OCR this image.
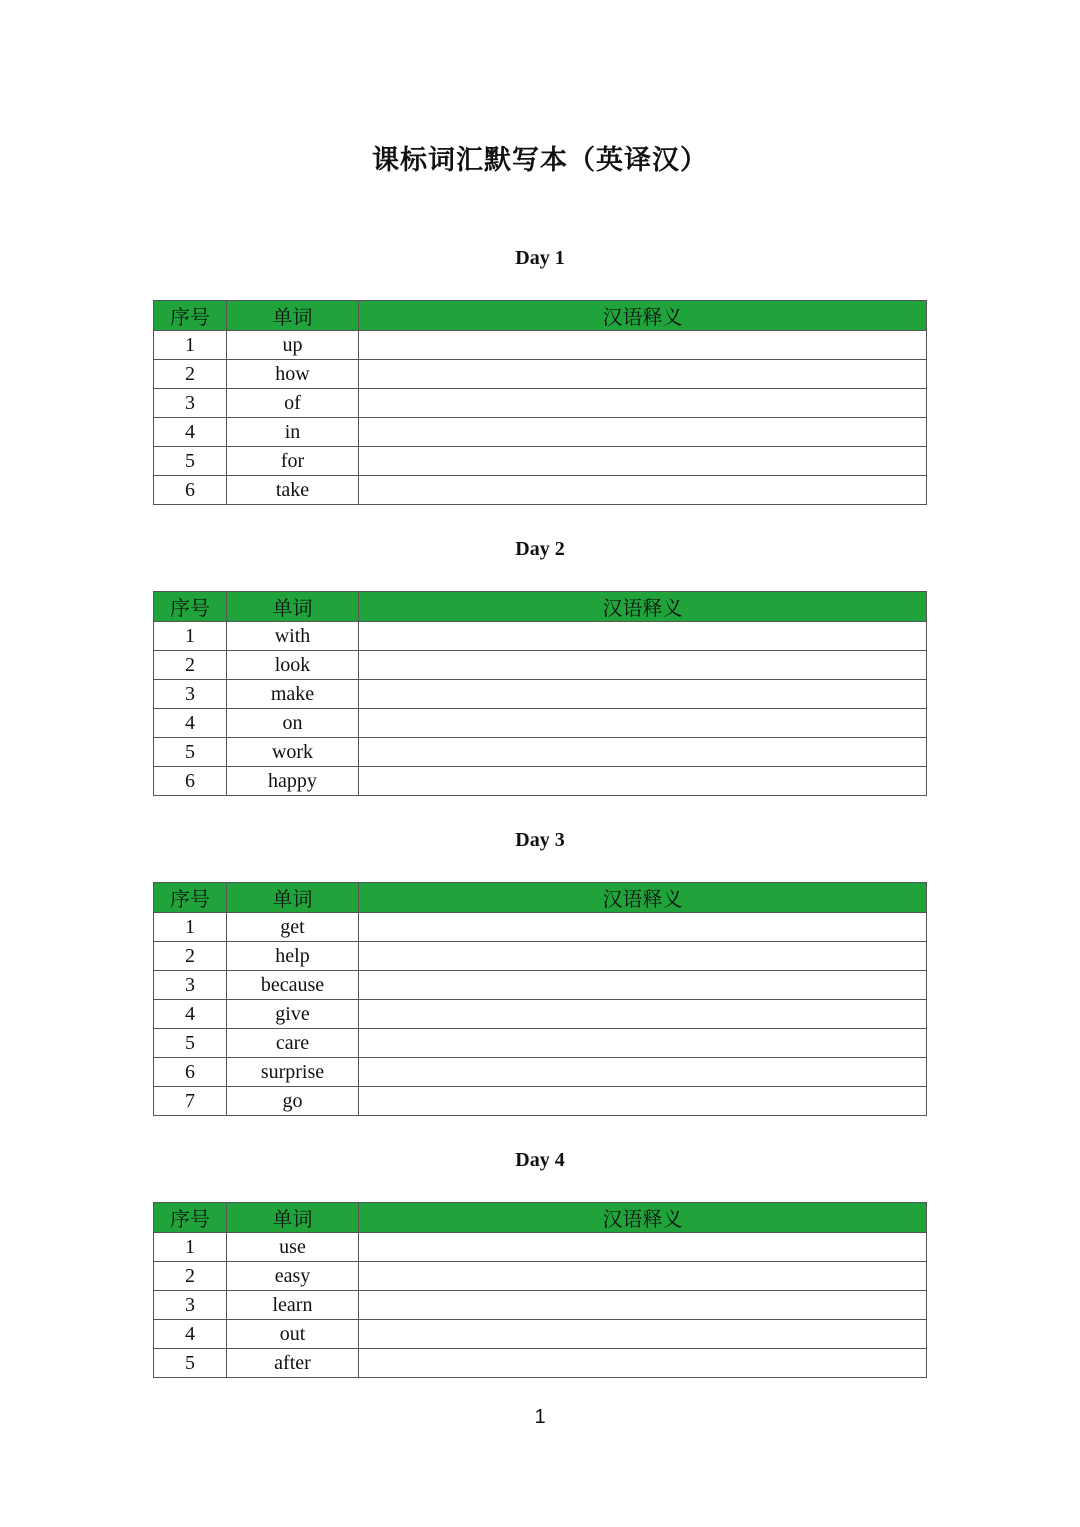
课标词汇默写本（英译汉）
Day 1
序号	单词	汉语释义
1	up	
2	how	
3	of	
4	in	
5	for	
6	take	
Day 2
序号	单词	汉语释义
1	with	
2	look	
3	make	
4	on	
5	work	
6	happy	
Day 3
序号	单词	汉语释义
1	get	
2	help	
3	because	
4	give	
5	care	
6	surprise	
7	go	
Day 4
序号	单词	汉语释义
1	use	
2	easy	
3	learn	
4	out	
5	after	
1
